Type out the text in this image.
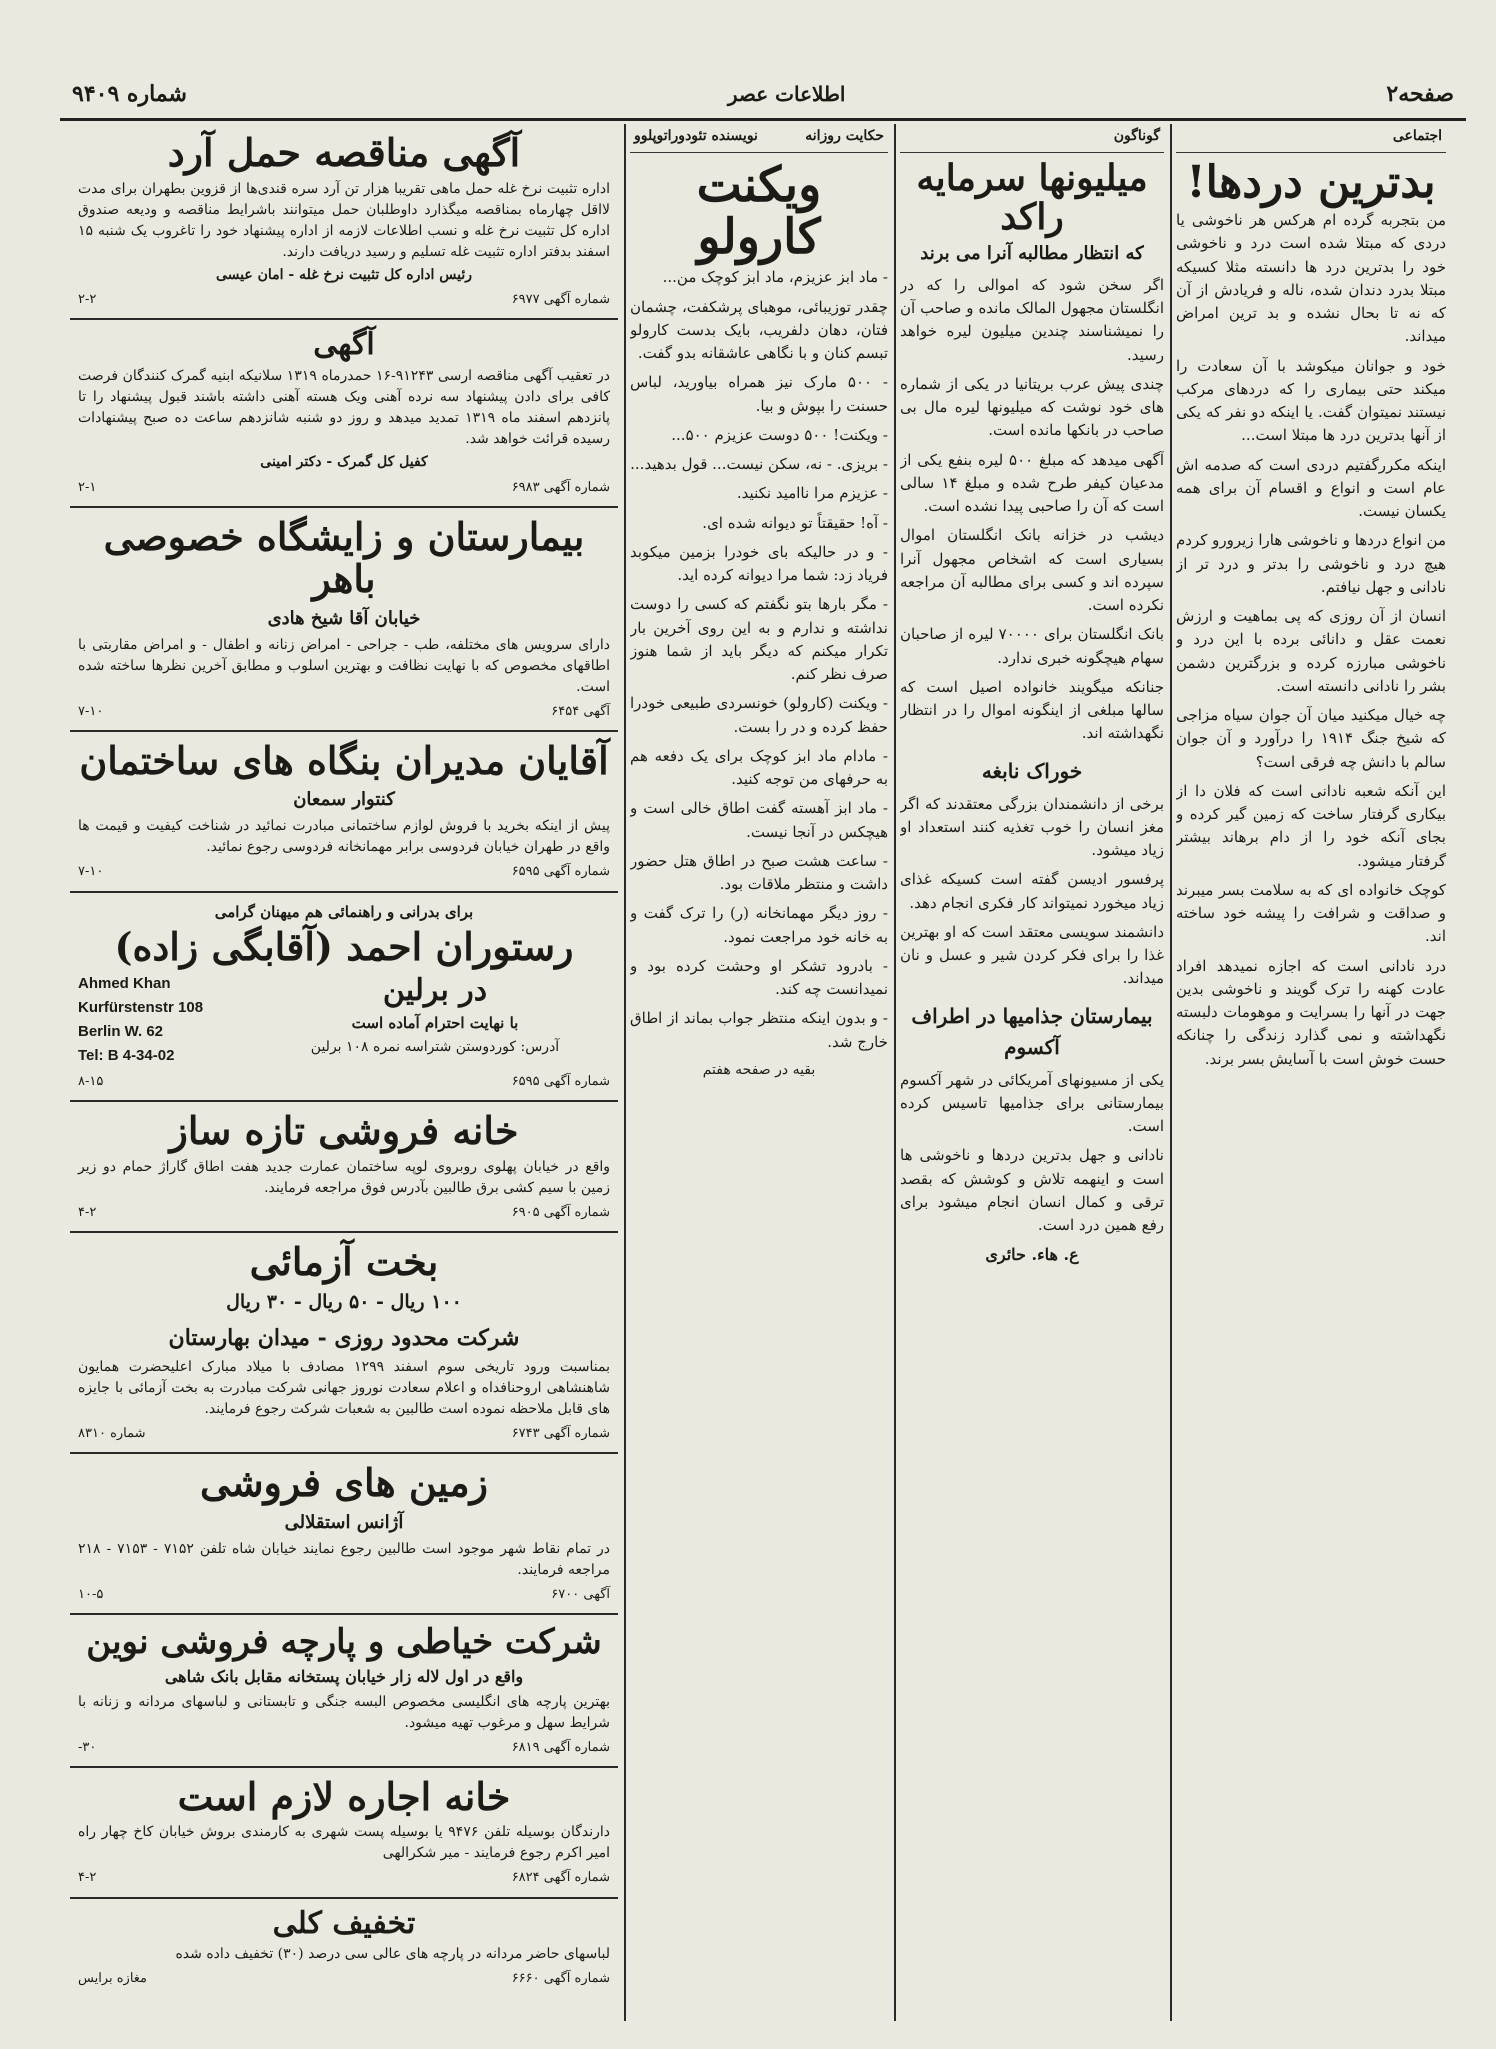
صفحه۲
اطلاعات عصر
شماره ۹۴۰۹
اجتماعی
بدترین دردها!

من بتجربه گرده ام هرکس هر ناخوشی یا دردی که مبتلا شده است درد و ناخوشی خود را بدترین درد ها دانسته مثلا کسیکه مبتلا بدرد دندان شده، ناله و فریادش از آن که نه تا بحال نشده و بد ترین امراض میداند.

خود و جوانان میکوشد با آن سعادت را میکند حتی بیماری را که دردهای مرکب نیستند نمیتوان گفت. یا اینکه دو نفر که یکی از آنها بدترین درد ها مبتلا است...

اینکه مکررگفتیم دردی است که صدمه اش عام است و انواع و اقسام آن برای همه یکسان نیست.

من انواع دردها و ناخوشی هارا زیرورو کردم هیچ درد و ناخوشی را بدتر و درد تر از نادانی و جهل نیافتم.

انسان از آن روزی که پی بماهیت و ارزش نعمت عقل و دانائی برده با این درد و ناخوشی مبارزه کرده و بزرگترین دشمن بشر را نادانی دانسته است.

چه خیال میکنید میان آن جوان سیاه مزاجی که شیخ جنگ ۱۹۱۴ را درآورد و آن جوان سالم با دانش چه فرقی است؟

این آنکه شعبه نادانی است که فلان دا از بیکاری گرفتار ساخت که زمین گیر کرده و بجای آنکه خود را از دام برهاند بیشتر گرفتار میشود.

کوچک خانواده ای که به سلامت بسر میبرند و صداقت و شرافت را پیشه خود ساخته اند.

درد نادانی است که اجازه نمیدهد افراد عادت کهنه را ترک گویند و ناخوشی بدین جهت در آنها را بسرایت و موهومات دلبسته نگهداشته و نمی گذارد زندگی را چنانکه حست خوش است با آسایش بسر برند.

گوناگون
میلیونها سرمایه راکد
که انتظار مطالبه آنرا می برند

اگر سخن شود که اموالی را که در انگلستان مجهول المالک مانده و صاحب آن را نمیشناسند چندین میلیون لیره خواهد رسید.

چندی پیش عرب بریتانیا در یکی از شماره های خود نوشت که میلیونها لیره مال بی صاحب در بانکها مانده است.

آگهی میدهد که مبلغ ۵۰۰ لیره بنفع یکی از مدعیان کیفر طرح شده و مبلغ ۱۴ سالی است که آن را صاحبی پیدا نشده است.

دیشب در خزانه بانک انگلستان اموال بسیاری است که اشخاص مجهول آنرا سپرده اند و کسی برای مطالبه آن مراجعه نکرده است.

بانک انگلستان برای ۷۰۰۰۰ لیره از صاحبان سهام هیچگونه خبری ندارد.

جنانکه میگویند خانواده اصیل است که سالها مبلغی از اینگونه اموال را در انتظار نگهداشته اند.

خوراک نابغه

برخی از دانشمندان بزرگی معتقدند که اگر مغز انسان را خوب تغذیه کنند استعداد او زیاد میشود.

پرفسور ادیسن گفته است کسیکه غذای زیاد میخورد نمیتواند کار فکری انجام دهد.

دانشمند سویسی معتقد است که او بهترین غذا را برای فکر کردن شیر و عسل و نان میداند.

بیمارستان جذامیها در اطراف آکسوم

یکی از مسیونهای آمریکائی در شهر آکسوم بیمارستانی برای جذامیها تاسیس کرده است.

نادانی و جهل بدترین دردها و ناخوشی ها است و اینهمه تلاش و کوشش که بقصد ترقی و کمال انسان انجام میشود برای رفع همین درد است.

ع. هاء. حائری
حکایت روزانه
نویسنده تئودوراتوپلوو
ویکنت کارولو

- ماد ابز عزیزم، ماد ابز کوچک من...

چقدر توزیبائی، موهبای پرشکفت، چشمان فتان، دهان دلفریب، بایک بدست کارولو تبسم کنان و با نگاهی عاشقانه بدو گفت.

- ۵۰۰ مارک نیز همراه بیاورید، لباس حسنت را بپوش و بیا.

- ویکنت! ۵۰۰ دوست عزیزم ۵۰۰...

- بریزی. - نه، سکن نیست... قول بدهید...

- عزیزم مرا ناامید نکنید.

- آه! حقیقتاً تو دیوانه شده ای.

- و در حالیکه بای خودرا بزمین میکوبد فریاد زد: شما مرا دیوانه کرده اید.

- مگر بارها بتو نگفتم که کسی را دوست نداشته و ندارم و به این روی آخرین بار تکرار میکنم که دیگر باید از شما هنوز صرف نظر کنم.

- ویکنت (کارولو) خونسردی طبیعی خودرا حفظ کرده و در را بست.

- مادام ماد ابز کوچک برای یک دفعه هم به حرفهای من توجه کنید.

- ماد ابز آهسته گفت اطاق خالی است و هیچکس در آنجا نیست.

- ساعت هشت صبح در اطاق هتل حضور داشت و منتظر ملاقات بود.

- روز دیگر مهمانخانه (ر) را ترک گفت و به خانه خود مراجعت نمود.

- بادرود تشکر او وحشت کرده بود و نمیدانست چه کند.

- و بدون اینکه منتظر جواب بماند از اطاق خارج شد.

بقیه در صفحه هفتم
آگهی مناقصه حمل آرد
اداره تثبیت نرخ غله حمل ماهی تقریبا هزار تن آرد سره قندی‌ها از قزوین بطهران برای مدت لااقل چهارماه بمناقصه میگذارد داوطلبان حمل میتوانند باشرایط مناقصه و ودیعه صندوق اداره کل تثبیت نرخ غله و نسب اطلاعات لازمه از اداره پیشنهاد خود را تاغروب یک شنبه ۱۵ اسفند بدفتر اداره تثبیت غله تسلیم و رسید دریافت دارند.
رئیس اداره کل تثبیت نرخ غله - امان عیسی
شماره آگهی ۶۹۷۷
۲-۲
آگهی
در تعقیب آگهی مناقصه ارسی ۹۱۲۴۳-۱۶ حمدرماه ۱۳۱۹ سلانیکه ابنیه گمرک کنندگان فرصت کافی برای دادن پیشنهاد سه نرده آهنی ویک هسته آهنی داشته باشند قبول پیشنهاد را تا پانزدهم اسفند ماه ۱۳۱۹ تمدید میدهد و روز دو شنبه شانزدهم ساعت ده صبح پیشنهادات رسیده قرائت خواهد شد.
کفیل کل گمرک - دکتر امینی
شماره آگهی ۶۹۸۳
۲-۱
بیمارستان و زایشگاه خصوصی باهر
خیابان آقا شیخ هادی
دارای سرویس های مختلفه، طب - جراحی - امراض زنانه و اطفال - و امراض مقاربتی با اطاقهای مخصوص که با نهایت نظافت و بهترین اسلوب و مطابق آخرین نظرها ساخته شده است.
آگهی ۶۴۵۴
۷-۱۰
آقایان مدیران بنگاه های ساختمان
کنتوار سمعان
پیش از اینکه بخرید با فروش لوازم ساختمانی مبادرت نمائید در شناخت کیفیت و قیمت ها واقع در طهران خیابان فردوسی برابر مهمانخانه فردوسی رجوع نمائید.
شماره آگهی ۶۵۹۵
۷-۱۰
برای بدرانی و راهنمائی هم میهنان گرامی
رستوران احمد (آقابگی زاده)
در برلین
با نهایت احترام آماده است
آدرس: کوردوستن شتراسه نمره ۱۰۸ برلین
Ahmed Khan
Kurfürstenstr 108
Berlin W. 62
Tel: B 4-34-02
شماره آگهی ۶۵۹۵
۸-۱۵
خانه فروشی تازه ساز
واقع در خیابان پهلوی روبروی لوپه ساختمان عمارت جدید هفت اطاق گاراژ حمام دو زیر زمین با سیم کشی برق طالبین بآدرس فوق مراجعه فرمایند.
شماره آگهی ۶۹۰۵
۴-۲
بخت آزمائی
۱۰۰ ریال - ۵۰ ریال - ۳۰ ریال
شرکت محدود روزی - میدان بهارستان
بمناسبت ورود تاریخی سوم اسفند ۱۲۹۹ مصادف با میلاد مبارک اعلیحضرت همایون شاهنشاهی اروحنافداه و اعلام سعادت نوروز جهانی شرکت مبادرت به بخت آزمائی با جایزه های قابل ملاحظه نموده است طالبین به شعبات شرکت رجوع فرمایند.
شماره آگهی ۶۷۴۳
شماره ۸۳۱۰
زمین های فروشی
آژانس استقلالی
در تمام نقاط شهر موجود است طالبین رجوع نمایند خیابان شاه تلفن ۷۱۵۲ - ۷۱۵۳ - ۲۱۸ مراجعه فرمایند.
آگهی ۶۷۰۰
۱۰-۵
شرکت خیاطی و پارچه فروشی نوین
واقع در اول لاله زار خیابان پستخانه مقابل بانک شاهی
بهترین پارچه های انگلیسی مخصوص البسه جنگی و تابستانی و لباسهای مردانه و زنانه با شرایط سهل و مرغوب تهیه میشود.
شماره آگهی ۶۸۱۹
۳۰-
خانه اجاره لازم است
دارندگان بوسیله تلفن ۹۴۷۶ یا بوسیله پست شهری به کارمندی بروش خیابان کاخ چهار راه امیر اکرم رجوع فرمایند - میر شکرالهی
شماره آگهی ۶۸۲۴
۴-۲
تخفیف کلی
لباسهای حاضر مردانه در پارچه های عالی سی درصد (۳۰) تخفیف داده شده
شماره آگهی ۶۶۶۰
مغازه برایس
